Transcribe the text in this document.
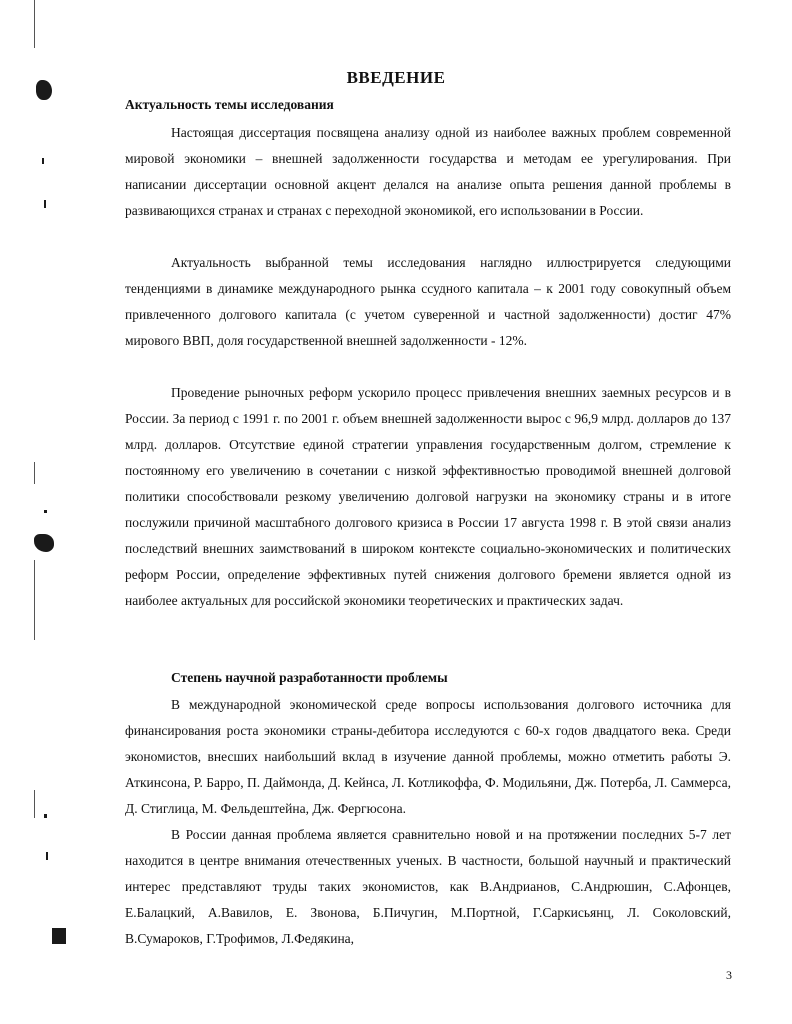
ВВЕДЕНИЕ
Актуальность темы исследования

Настоящая диссертация посвящена анализу одной из наиболее важных проблем современной мировой экономики – внешней задолженности государства и методам ее урегулирования. При написании диссертации основной акцент делался на анализе опыта решения данной проблемы в развивающихся странах и странах с переходной экономикой, его использовании в России.

Актуальность выбранной темы исследования наглядно иллюстрируется следующими тенденциями в динамике международного рынка ссудного капитала – к 2001 году совокупный объем привлеченного долгового капитала (с учетом суверенной и частной задолженности) достиг 47% мирового ВВП, доля государственной внешней задолженности - 12%.

Проведение рыночных реформ ускорило процесс привлечения внешних заемных ресурсов и в России. За период с 1991 г. по 2001 г. объем внешней задолженности вырос с 96,9 млрд. долларов до 137 млрд. долларов. Отсутствие единой стратегии управления государственным долгом, стремление к постоянному его увеличению в сочетании с низкой эффективностью проводимой внешней долговой политики способствовали резкому увеличению долговой нагрузки на экономику страны и в итоге послужили причиной масштабного долгового кризиса в России 17 августа 1998 г. В этой связи анализ последствий внешних заимствований в широком контексте социально-экономических и политических реформ России, определение эффективных путей снижения долгового бремени является одной из наиболее актуальных для российской экономики теоретических и практических задач.

Степень научной разработанности проблемы

В международной экономической среде вопросы использования долгового источника для финансирования роста экономики страны-дебитора исследуются с 60-х годов двадцатого века. Среди экономистов, внесших наибольший вклад в изучение данной проблемы, можно отметить работы Э. Аткинсона, Р. Барро, П. Даймонда, Д. Кейнса, Л. Котликоффа, Ф. Модильяни, Дж. Потерба, Л. Саммерса, Д. Стиглица, М. Фельдештейна, Дж. Фергюсона.

В России данная проблема является сравнительно новой и на протяжении последних 5-7 лет находится в центре внимания отечественных ученых. В частности, большой научный и практический интерес представляют труды таких экономистов, как В.Андрианов, С.Андрюшин, С.Афонцев, Е.Балацкий, А.Вавилов, Е. Звонова, Б.Пичугин, М.Портной, Г.Саркисьянц, Л. Соколовский, В.Сумароков, Г.Трофимов, Л.Федякина,

3
